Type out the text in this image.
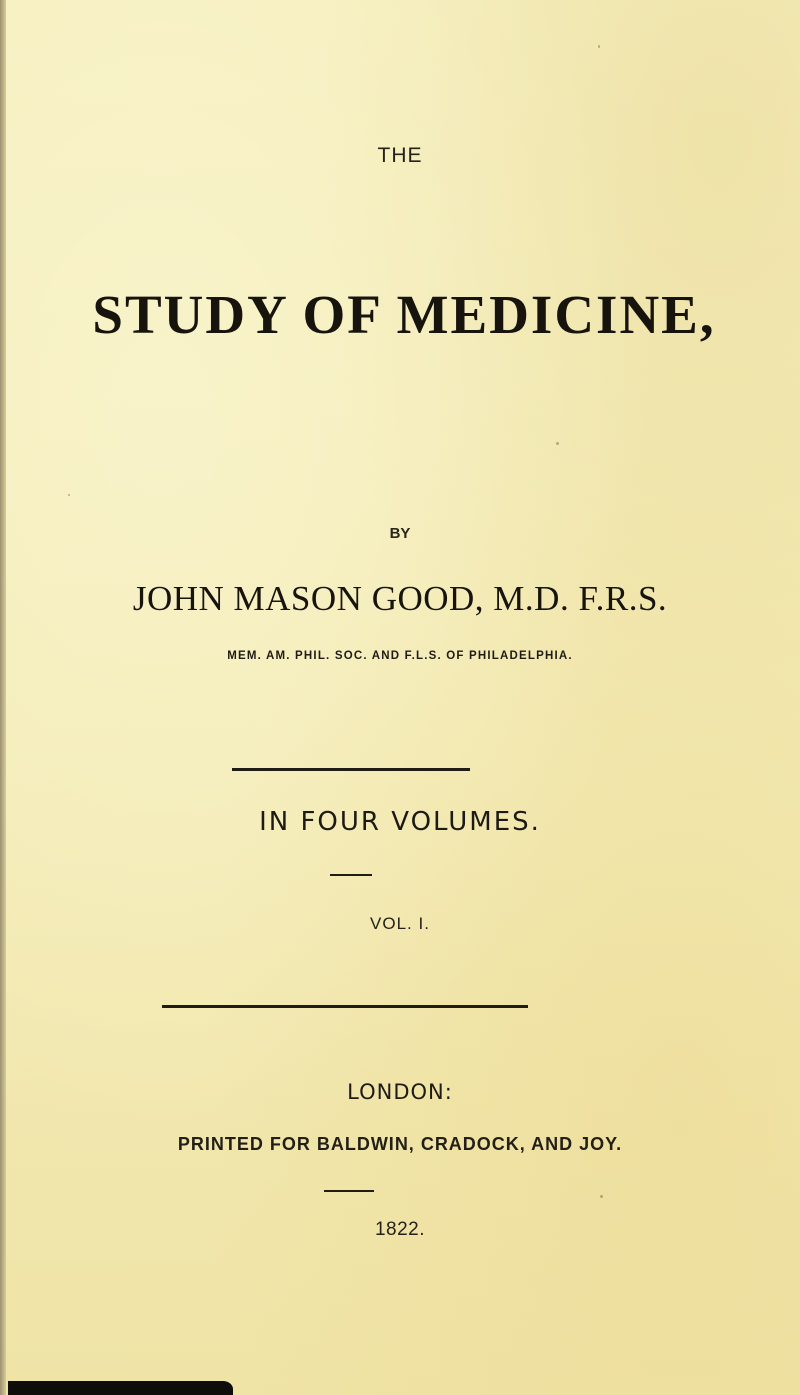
THE

STUDY OF MEDICINE,

BY

JOHN MASON GOOD, M.D. F.R.S.

MEM. AM. PHIL. SOC. AND F.L.S. OF PHILADELPHIA.

IN FOUR VOLUMES.

VOL. I.

LONDON:

PRINTED FOR BALDWIN, CRADOCK, AND JOY.

1822.
